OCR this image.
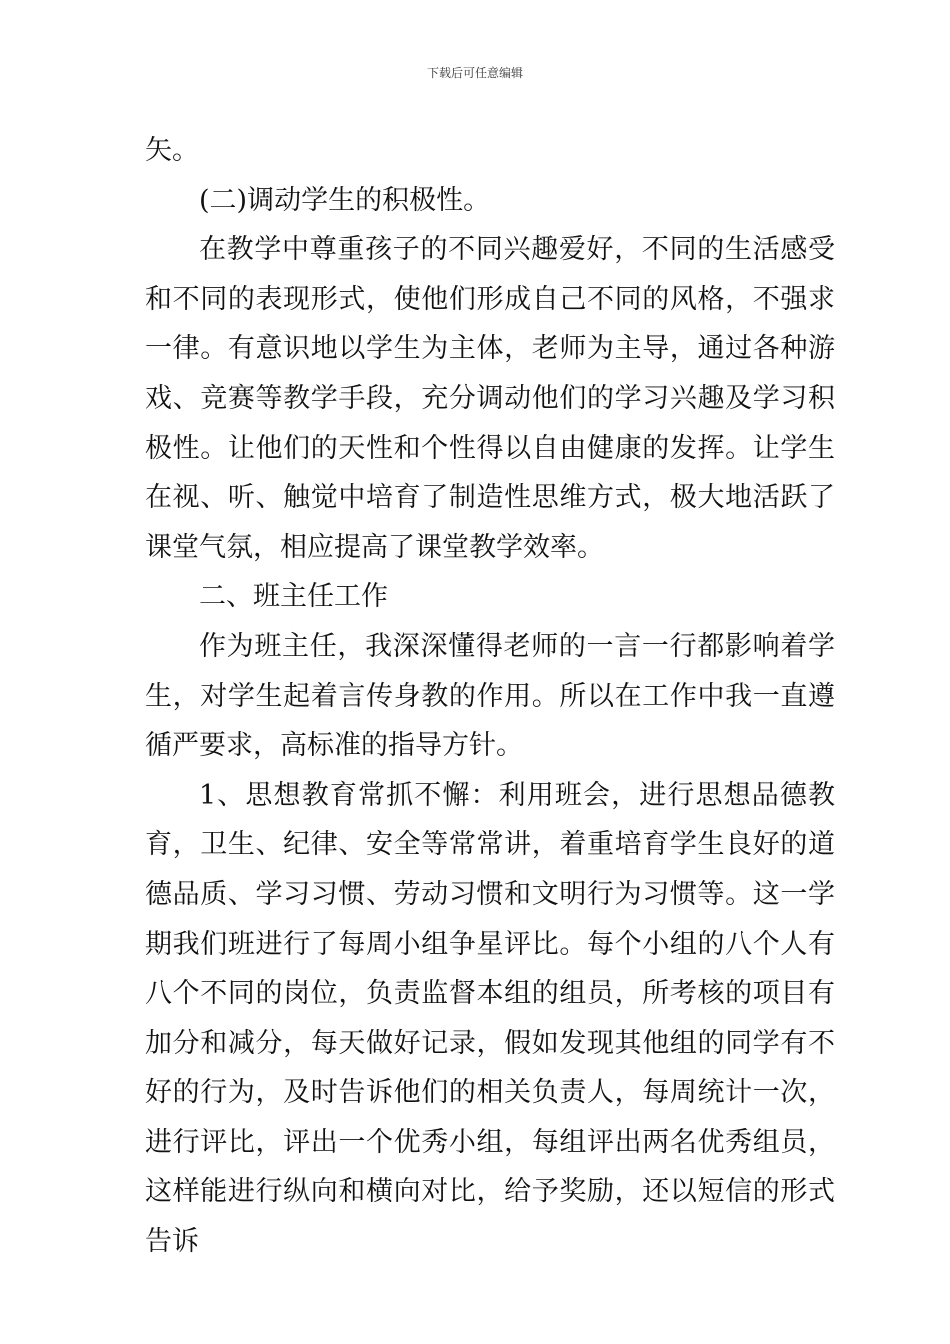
下载后可任意编辑

矢。

(二)调动学生的积极性。

在教学中尊重孩子的不同兴趣爱好，不同的生活感受和不同的表现形式，使他们形成自己不同的风格，不强求一律。有意识地以学生为主体，老师为主导，通过各种游戏、竞赛等教学手段，充分调动他们的学习兴趣及学习积极性。让他们的天性和个性得以自由健康的发挥。让学生在视、听、触觉中培育了制造性思维方式，极大地活跃了课堂气氛，相应提高了课堂教学效率。

二、班主任工作

作为班主任，我深深懂得老师的一言一行都影响着学生，对学生起着言传身教的作用。所以在工作中我一直遵循严要求，高标准的指导方针。

1、思想教育常抓不懈：利用班会，进行思想品德教育，卫生、纪律、安全等常常讲，着重培育学生良好的道德品质、学习习惯、劳动习惯和文明行为习惯等。这一学期我们班进行了每周小组争星评比。每个小组的八个人有八个不同的岗位，负责监督本组的组员，所考核的项目有加分和减分，每天做好记录，假如发现其他组的同学有不好的行为，及时告诉他们的相关负责人，每周统计一次，进行评比，评出一个优秀小组，每组评出两名优秀组员，这样能进行纵向和横向对比，给予奖励，还以短信的形式告诉
